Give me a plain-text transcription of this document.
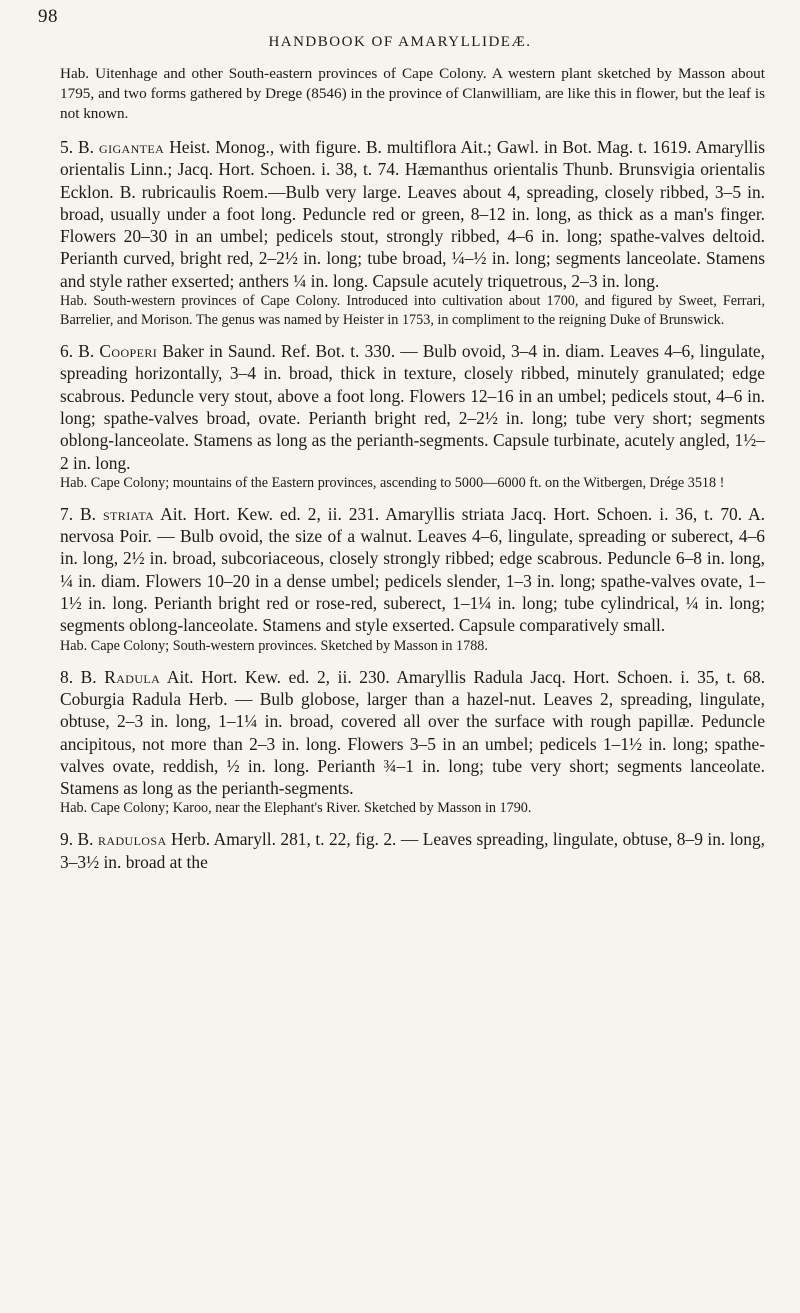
98
HANDBOOK OF AMARYLLIDEÆ.

Hab. Uitenhage and other South-eastern provinces of Cape Colony. A western plant sketched by Masson about 1795, and two forms gathered by Drege (8546) in the province of Clanwilliam, are like this in flower, but the leaf is not known.

5. B. gigantea Heist. Monog., with figure. B. multiflora Ait.; Gawl. in Bot. Mag. t. 1619. Amaryllis orientalis Linn.; Jacq. Hort. Schoen. i. 38, t. 74. Hæmanthus orientalis Thunb. Brunsvigia orientalis Ecklon. B. rubricaulis Roem.—Bulb very large. Leaves about 4, spreading, closely ribbed, 3–5 in. broad, usually under a foot long. Peduncle red or green, 8–12 in. long, as thick as a man's finger. Flowers 20–30 in an umbel; pedicels stout, strongly ribbed, 4–6 in. long; spathe-valves deltoid. Perianth curved, bright red, 2–2½ in. long; tube broad, ¼–½ in. long; segments lanceolate. Stamens and style rather exserted; anthers ¼ in. long. Capsule acutely triquetrous, 2–3 in. long.

Hab. South-western provinces of Cape Colony. Introduced into cultivation about 1700, and figured by Sweet, Ferrari, Barrelier, and Morison. The genus was named by Heister in 1753, in compliment to the reigning Duke of Brunswick.

6. B. Cooperi Baker in Saund. Ref. Bot. t. 330. — Bulb ovoid, 3–4 in. diam. Leaves 4–6, lingulate, spreading horizontally, 3–4 in. broad, thick in texture, closely ribbed, minutely granulated; edge scabrous. Peduncle very stout, above a foot long. Flowers 12–16 in an umbel; pedicels stout, 4–6 in. long; spathe-valves broad, ovate. Perianth bright red, 2–2½ in. long; tube very short; segments oblong-lanceolate. Stamens as long as the perianth-segments. Capsule turbinate, acutely angled, 1½–2 in. long.

Hab. Cape Colony; mountains of the Eastern provinces, ascending to 5000—6000 ft. on the Witbergen, Drége 3518 !

7. B. striata Ait. Hort. Kew. ed. 2, ii. 231. Amaryllis striata Jacq. Hort. Schoen. i. 36, t. 70. A. nervosa Poir. — Bulb ovoid, the size of a walnut. Leaves 4–6, lingulate, spreading or suberect, 4–6 in. long, 2½ in. broad, subcoriaceous, closely strongly ribbed; edge scabrous. Peduncle 6–8 in. long, ¼ in. diam. Flowers 10–20 in a dense umbel; pedicels slender, 1–3 in. long; spathe-valves ovate, 1–1½ in. long. Perianth bright red or rose-red, suberect, 1–1¼ in. long; tube cylindrical, ¼ in. long; segments oblong-lanceolate. Stamens and style exserted. Capsule comparatively small.

Hab. Cape Colony; South-western provinces. Sketched by Masson in 1788.

8. B. Radula Ait. Hort. Kew. ed. 2, ii. 230. Amaryllis Radula Jacq. Hort. Schoen. i. 35, t. 68. Coburgia Radula Herb. — Bulb globose, larger than a hazel-nut. Leaves 2, spreading, lingulate, obtuse, 2–3 in. long, 1–1¼ in. broad, covered all over the surface with rough papillæ. Peduncle ancipitous, not more than 2–3 in. long. Flowers 3–5 in an umbel; pedicels 1–1½ in. long; spathe-valves ovate, reddish, ½ in. long. Perianth ¾–1 in. long; tube very short; segments lanceolate. Stamens as long as the perianth-segments.

Hab. Cape Colony; Karoo, near the Elephant's River. Sketched by Masson in 1790.

9. B. radulosa Herb. Amaryll. 281, t. 22, fig. 2. — Leaves spreading, lingulate, obtuse, 8–9 in. long, 3–3½ in. broad at the
